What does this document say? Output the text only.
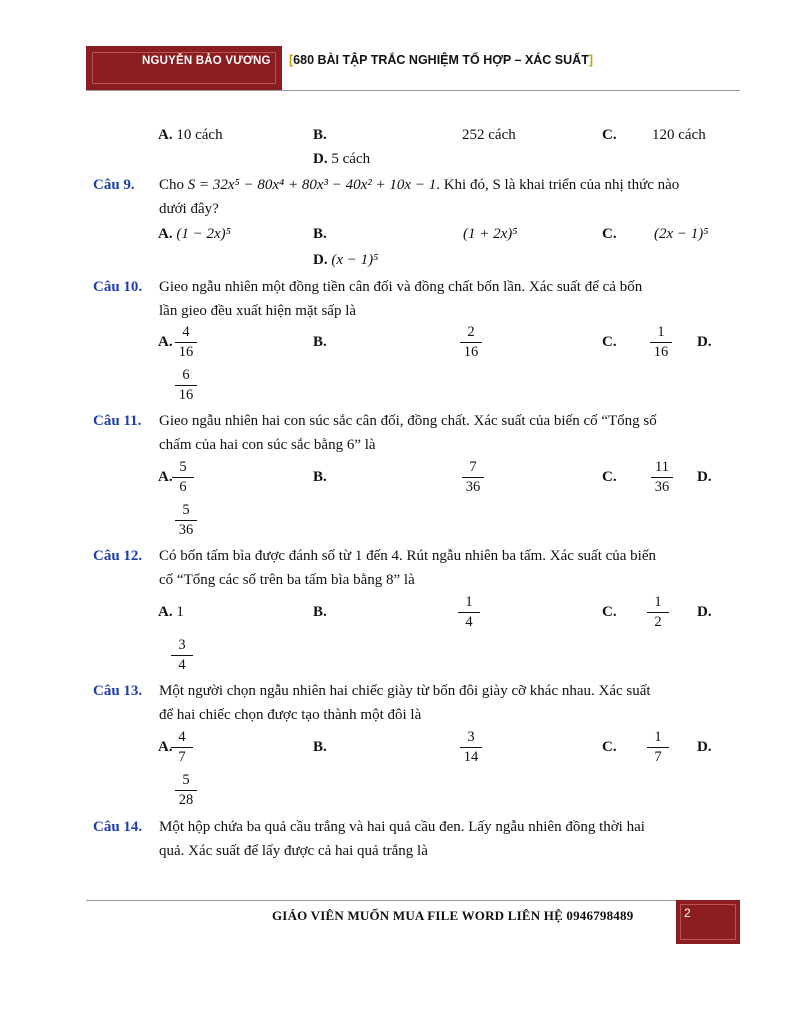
NGUYỄN BẢO VƯƠNG [680 BÀI TẬP TRẮC NGHIỆM TỔ HỢP – XÁC SUẤT]
A. 10 cách	B.	252 cách	C. 120 cách
D. 5 cách
Câu 9. Cho S = 32x⁵ − 80x⁴ + 80x³ − 40x² + 10x − 1. Khi đó, S là khai triển của nhị thức nào
dưới đây?
A. (1 − 2x)⁵	B.	(1 + 2x)⁵	C. (2x − 1)⁵
D. (x − 1)⁵
Câu 10. Gieo ngẫu nhiên một đồng tiền cân đối và đồng chất bốn lần. Xác suất để cả bốn
lần gieo đều xuất hiện mặt sấp là
A. $\frac{4}{16}$	B.	$\frac{2}{16}$	C. $\frac{1}{16} D$.
$\frac{6}{16}$
Câu 11. Gieo ngẫu nhiên hai con súc sắc cân đối, đồng chất. Xác suất của biến cố “Tổng số
chấm của hai con súc sắc bằng 6” là
A. $\frac{5}{6}$	B.	$\frac{7}{36}$	C. $\frac{11}{36} D$.
$\frac{5}{36}$
Câu 12. Có bốn tấm bìa được đánh số từ 1 đến 4. Rút ngẫu nhiên ba tấm. Xác suất của biến
cố “Tổng các số trên ba tấm bìa bằng 8” là
A. 1	B.	$\frac{1}{4}$	C. $\frac{1}{2} D$.
$\frac{3}{4}$
Câu 13. Một người chọn ngẫu nhiên hai chiếc giày từ bốn đôi giày cỡ khác nhau. Xác suất
để hai chiếc chọn được tạo thành một đôi là
A.
$\frac{4}{7}$	B.	$\frac{3}{14}$	C. $\frac{1}{7} D$.
$\frac{5}{28}$
Câu 14. Một hộp chứa ba quả cầu trắng và hai quả cầu đen. Lấy ngẫu nhiên đồng thời hai
quả. Xác suất để lấy được cả hai quả trắng là
GIÁO VIÊN MUỐN MUA FILE WORD LIÊN HỆ 0946798489	2
